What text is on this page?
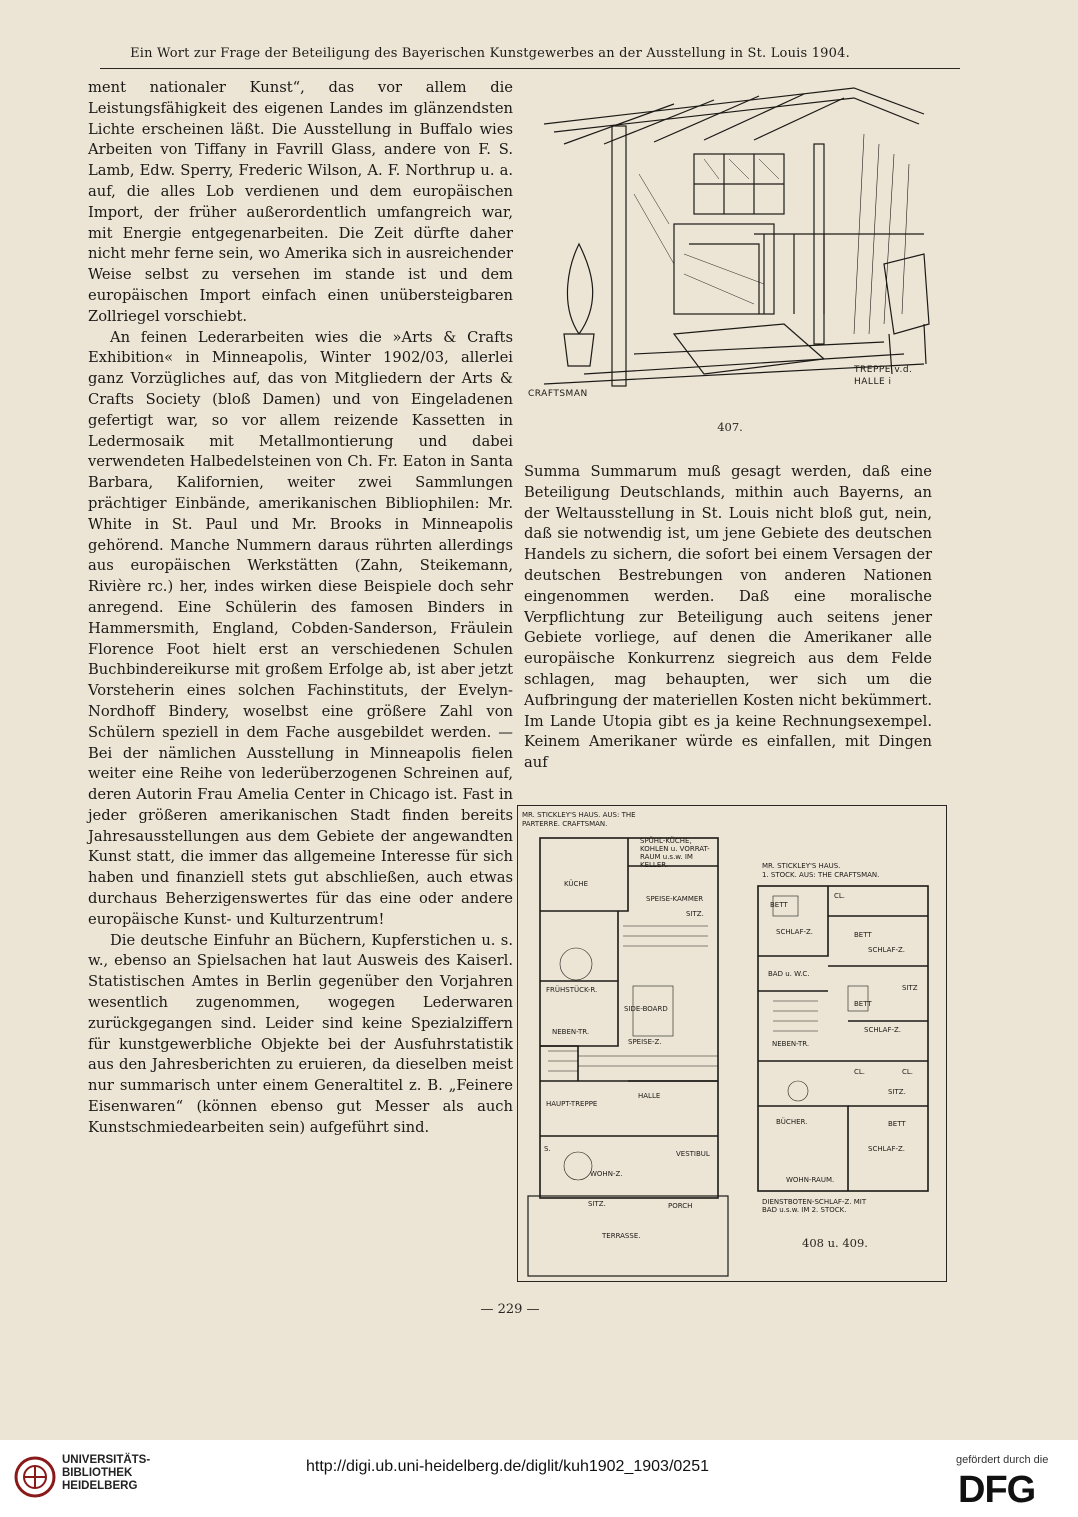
Ein Wort zur Frage der Beteiligung des Bayerischen Kunstgewerbes an der Ausstellung in St. Louis 1904.

ment nationaler Kunst“, das vor allem die Leistungsfähigkeit des eigenen Landes im glänzendsten Lichte erscheinen läßt. Die Ausstellung in Buffalo wies Arbeiten von Tiffany in Favrill Glass, andere von F. S. Lamb, Edw. Sperry, Frederic Wilson, A. F. Northrup u. a. auf, die alles Lob verdienen und dem europäischen Import, der früher außerordentlich umfangreich war, mit Energie entgegenarbeiten. Die Zeit dürfte daher nicht mehr ferne sein, wo Amerika sich in ausreichender Weise selbst zu versehen im stande ist und dem europäischen Import einfach einen unübersteigbaren Zollriegel vorschiebt.

An feinen Lederarbeiten wies die »Arts & Crafts Exhibition« in Minneapolis, Winter 1902/03, allerlei ganz Vorzügliches auf, das von Mitgliedern der Arts & Crafts Society (bloß Damen) und von Eingeladenen gefertigt war, so vor allem reizende Kassetten in Ledermosaik mit Metallmontierung und dabei verwendeten Halbedelsteinen von Ch. Fr. Eaton in Santa Barbara, Kalifornien, weiter zwei Sammlungen prächtiger Einbände, amerikanischen Bibliophilen: Mr. White in St. Paul und Mr. Brooks in Minneapolis gehörend. Manche Nummern daraus rührten allerdings aus europäischen Werkstätten (Zahn, Steikemann, Rivière rc.) her, indes wirken diese Beispiele doch sehr anregend. Eine Schülerin des famosen Binders in Hammersmith, England, Cobden-Sanderson, Fräulein Florence Foot hielt erst an verschiedenen Schulen Buchbindereikurse mit großem Erfolge ab, ist aber jetzt Vorsteherin eines solchen Fachinstituts, der Evelyn-Nordhoff Bindery, woselbst eine größere Zahl von Schülern speziell in dem Fache ausgebildet werden. — Bei der nämlichen Ausstellung in Minneapolis fielen weiter eine Reihe von lederüberzogenen Schreinen auf, deren Autorin Frau Amelia Center in Chicago ist. Fast in jeder größeren amerikanischen Stadt finden bereits Jahresausstellungen aus dem Gebiete der angewandten Kunst statt, die immer das allgemeine Interesse für sich haben und finanziell stets gut abschließen, auch etwas durchaus Beherzigenswertes für das eine oder andere europäische Kunst- und Kulturzentrum!

Die deutsche Einfuhr an Büchern, Kupferstichen u. s. w., ebenso an Spielsachen hat laut Ausweis des Kaiserl. Statistischen Amtes in Berlin gegenüber den Vorjahren wesentlich zugenommen, wogegen Lederwaren zurückgegangen sind. Leider sind keine Spezialziffern für kunstgewerbliche Objekte bei der Ausfuhrstatistik aus den Jahresberichten zu eruieren, da dieselben meist nur summarisch unter einem Generaltitel z. B. „Feinere Eisenwaren“ (können ebenso gut Messer als auch Kunstschmiedearbeiten sein) aufgeführt sind.

CRAFTSMAN
TREPPE v.d.
HALLE i
407.

Summa Summarum muß gesagt werden, daß eine Beteiligung Deutschlands, mithin auch Bayerns, an der Weltausstellung in St. Louis nicht bloß gut, nein, daß sie notwendig ist, um jene Gebiete des deutschen Handels zu sichern, die sofort bei einem Versagen der deutschen Bestrebungen von anderen Nationen eingenommen werden. Daß eine moralische Verpflichtung zur Beteiligung auch seitens jener Gebiete vorliege, auf denen die Amerikaner alle europäische Konkurrenz siegreich aus dem Felde schlagen, mag behaupten, wer sich um die Aufbringung der materiellen Kosten nicht bekümmert. Im Lande Utopia gibt es ja keine Rechnungsexempel. Keinem Amerikaner würde es einfallen, mit Dingen auf

MR. STICKLEY'S HAUS. AUS: THE
PARTERRE. CRAFTSMAN.
SPÜHL-KÜCHE,
KOHLEN u. VORRAT-
RAUM u.s.w. IM
KELLER.
KÜCHE
SPEISE-KAMMER
SITZ.
FRÜHSTÜCK-R.
NEBEN-TR.
SIDE-BOARD
SPEISE-Z.
HAUPT-TREPPE
HALLE
S.
WOHN-Z.
VESTIBUL
SITZ.	PORCH
TERRASSE.
MR. STICKLEY'S HAUS.
1. STOCK. AUS: THE CRAFTSMAN.
BETT
CL.
SCHLAF-Z.	BETT
SCHLAF-Z.
BAD u. W.C.
NEBEN-TR.
BETT
SCHLAF-Z.
SITZ
CL.	CL.
SITZ.
BÜCHER.	BETT
SCHLAF-Z.
WOHN-RAUM.
DIENSTBOTEN-SCHLAF-Z. MIT
BAD u.s.w. IM 2. STOCK.
408 u. 409.
— 229 —
UNIVERSITÄTS-
BIBLIOTHEK
HEIDELBERG
http://digi.ub.uni-heidelberg.de/diglit/kuh1902_1903/0251	gefördert durch die
DFG
